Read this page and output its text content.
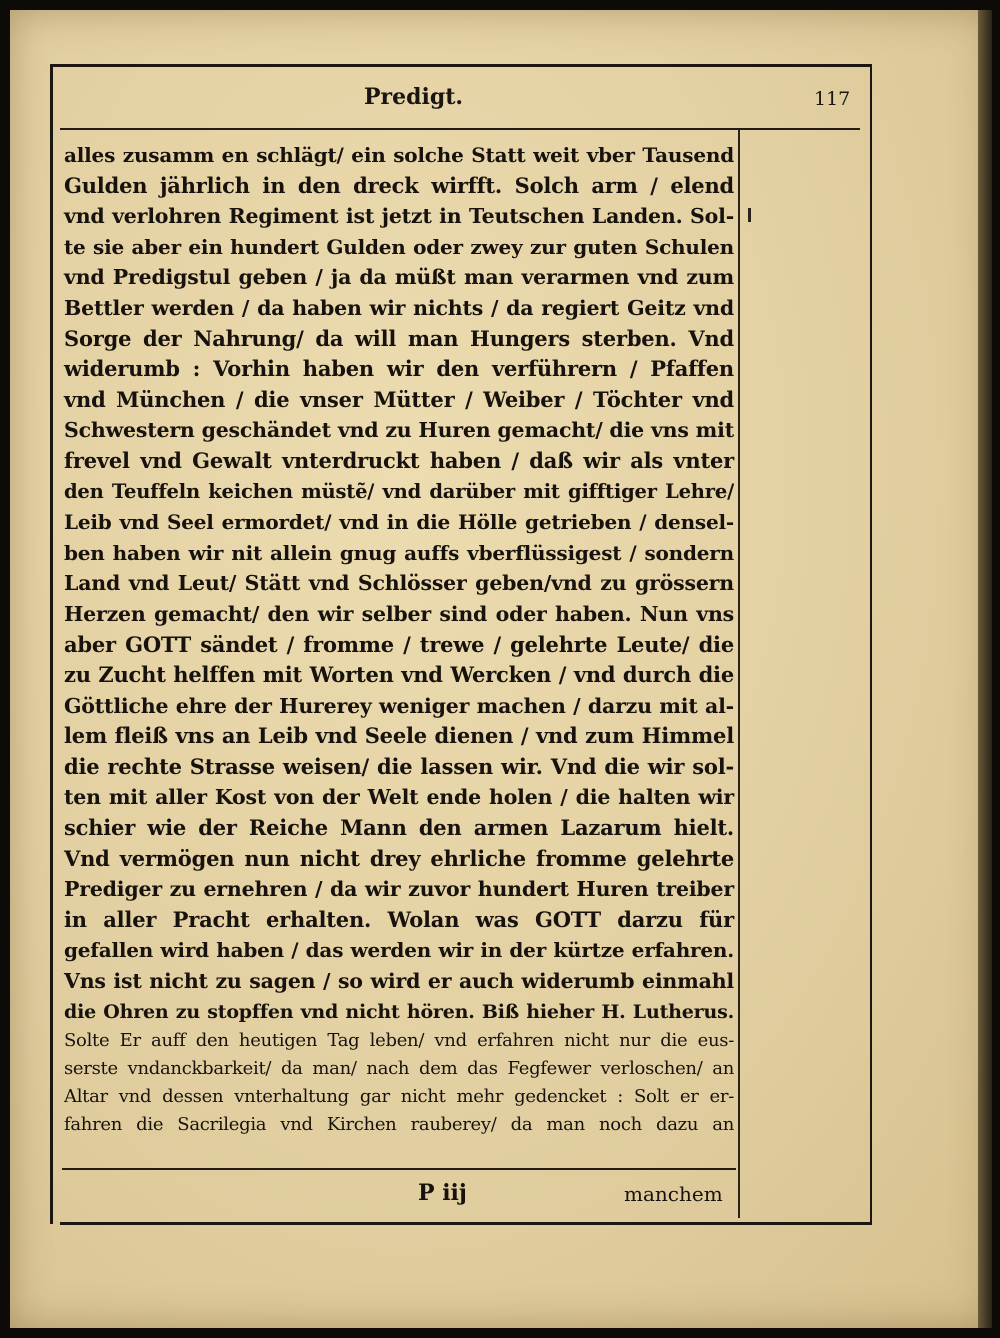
Predigt.	117
alles zusamm en schlägt/ ein solche Statt weit vber Tausend
Gulden jährlich in den dreck wirfft. Solch arm / elend
vnd verlohren Regiment ist jetzt in Teutschen Landen. Sol-
te sie aber ein hundert Gulden oder zwey zur guten Schulen
vnd Predigstul geben / ja da müßt man verarmen vnd zum
Bettler werden / da haben wir nichts / da regiert Geitz vnd
Sorge der Nahrung/ da will man Hungers sterben. Vnd
widerumb : Vorhin haben wir den verführern / Pfaffen
vnd München / die vnser Mütter / Weiber / Töchter vnd
Schwestern geschändet vnd zu Huren gemacht/ die vns mit
frevel vnd Gewalt vnterdruckt haben / daß wir als vnter
den Teuffeln keichen müstẽ/ vnd darüber mit gifftiger Lehre/
Leib vnd Seel ermordet/ vnd in die Hölle getrieben / densel-
ben haben wir nit allein gnug auffs vberflüssigest / sondern
Land vnd Leut/ Stätt vnd Schlösser geben/vnd zu grössern
Herzen gemacht/ den wir selber sind oder haben. Nun vns
aber GOTT sändet / fromme / trewe / gelehrte Leute/ die
zu Zucht helffen mit Worten vnd Wercken / vnd durch die
Göttliche ehre der Hurerey weniger machen / darzu mit al-
lem fleiß vns an Leib vnd Seele dienen / vnd zum Himmel
die rechte Strasse weisen/ die lassen wir. Vnd die wir sol-
ten mit aller Kost von der Welt ende holen / die halten wir
schier wie der Reiche Mann den armen Lazarum hielt.
Vnd vermögen nun nicht drey ehrliche fromme gelehrte
Prediger zu ernehren / da wir zuvor hundert Huren treiber
in aller Pracht erhalten. Wolan was GOTT darzu für
gefallen wird haben / das werden wir in der kürtze erfahren.
Vns ist nicht zu sagen / so wird er auch widerumb einmahl
die Ohren zu stopffen vnd nicht hören. Biß hieher H. Lutherus.
Solte Er auff den heutigen Tag leben/ vnd erfahren nicht nur die eus-
serste vndanckbarkeit/ da man/ nach dem das Fegfewer verloschen/ an
Altar vnd dessen vnterhaltung gar nicht mehr gedencket : Solt er er-
fahren die Sacrilegia vnd Kirchen rauberey/ da man noch dazu an
P iij	manchem
